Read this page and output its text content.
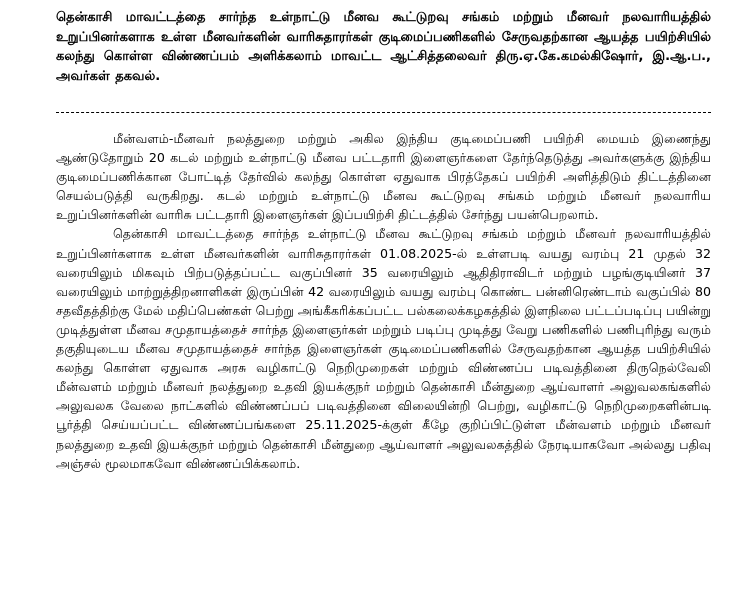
தென்காசி மாவட்டத்தை சார்ந்த உள்நாட்டு மீனவ கூட்டுறவு சங்கம் மற்றும் மீனவர் நலவாரியத்தில் உறுப்பினர்களாக உள்ள மீனவர்களின் வாரிசுதாரர்கள் குடிமைப்பணிகளில் சேருவதற்கான ஆயத்த பயிற்சியில் கலந்து கொள்ள விண்ணப்பம் அளிக்கலாம் மாவட்ட ஆட்சித்தலைவர் திரு.ஏ.கே.கமல்கிஷோர், இ.ஆ.ப., அவர்கள் தகவல்.

மீன்வளம்-மீனவர் நலத்துறை மற்றும் அகில இந்திய குடிமைப்பணி பயிற்சி மையம் இணைந்து ஆண்டுதோறும் 20 கடல் மற்றும் உள்நாட்டு மீனவ பட்டதாரி இளைஞர்களை தேர்ந்தெடுத்து அவர்களுக்கு இந்திய குடிமைப்பணிக்கான போட்டித் தேர்வில் கலந்து கொள்ள ஏதுவாக பிரத்தேகப் பயிற்சி அளித்திடும் திட்டத்தினை செயல்படுத்தி வருகிறது. கடல் மற்றும் உள்நாட்டு மீனவ கூட்டுறவு சங்கம் மற்றும் மீனவர் நலவாரிய உறுப்பினர்களின் வாரிசு பட்டதாரி இளைஞர்கள் இப்பயிற்சி திட்டத்தில் சேர்ந்து பயன்பெறலாம்.

தென்காசி மாவட்டத்தை சார்ந்த உள்நாட்டு மீனவ கூட்டுறவு சங்கம் மற்றும் மீனவர் நலவாரியத்தில் உறுப்பினர்களாக உள்ள மீனவர்களின் வாரிசுதாரர்கள் 01.08.2025-ல் உள்ளபடி வயது வரம்பு 21 முதல் 32 வரையிலும் மிகவும் பிற்படுத்தப்பட்ட வகுப்பினர் 35 வரையிலும் ஆதிதிராவிடர் மற்றும் பழங்குடியினர் 37 வரையிலும் மாற்றுத்திறனாளிகள் இருப்பின் 42 வரையிலும் வயது வரம்பு கொண்ட பன்னிரெண்டாம் வகுப்பில் 80 சதவீதத்திற்கு மேல் மதிப்பெண்கள் பெற்று அங்கீகரிக்கப்பட்ட பல்கலைக்கழகத்தில் இளநிலை பட்டப்படிப்பு பயின்று முடித்துள்ள மீனவ சமுதாயத்தைச் சார்ந்த இளைஞர்கள் மற்றும் படிப்பு முடித்து வேறு பணிகளில் பணிபுரிந்து வரும் தகுதியுடைய மீனவ சமுதாயத்தைச் சார்ந்த இளைஞர்கள் குடிமைப்பணிகளில் சேருவதற்கான ஆயத்த பயிற்சியில் கலந்து கொள்ள ஏதுவாக அரசு வழிகாட்டு நெறிமுறைகள் மற்றும் விண்ணப்ப படிவத்தினை திருநெல்வேலி மீன்வளம் மற்றும் மீனவர் நலத்துறை உதவி இயக்குநர் மற்றும் தென்காசி மீன்துறை ஆய்வாளர் அலுவலகங்களில் அலுவலக வேலை நாட்களில் விண்ணப்பப் படிவத்தினை விலையின்றி பெற்று, வழிகாட்டு நெறிமுறைகளின்படி பூர்த்தி செய்யப்பட்ட விண்ணப்பங்களை 25.11.2025-க்குள் கீழே குறிப்பிட்டுள்ள மீன்வளம் மற்றும் மீனவர் நலத்துறை உதவி இயக்குநர் மற்றும் தென்காசி மீன்துறை ஆய்வாளர் அலுவலகத்தில் நேரடியாகவோ அல்லது பதிவு அஞ்சல் மூலமாகவோ விண்ணப்பிக்கலாம்.
